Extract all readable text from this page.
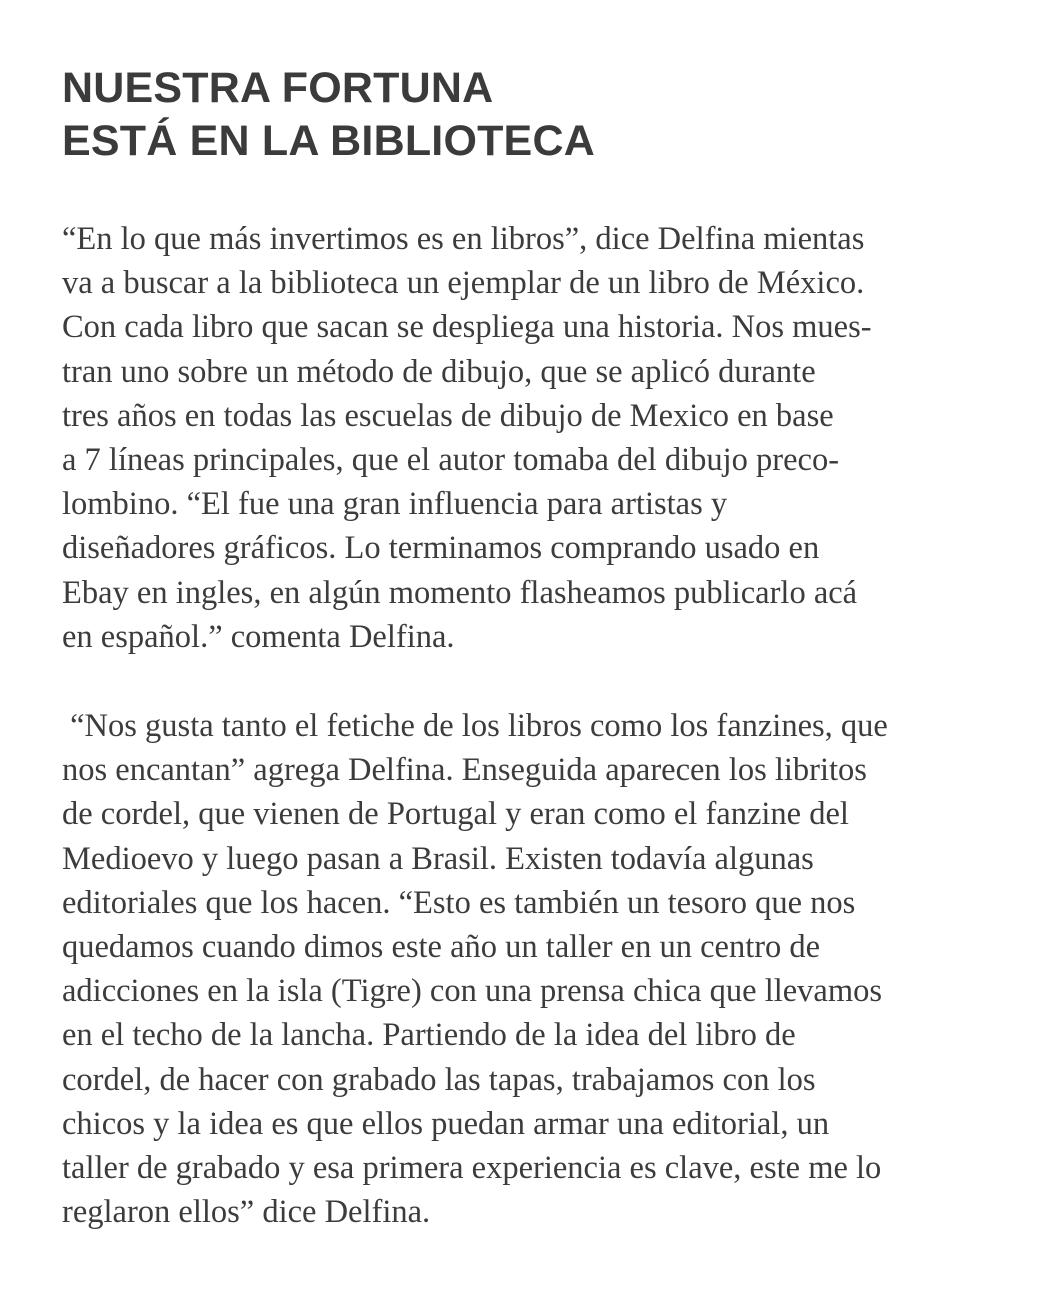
NUESTRA FORTUNA
ESTÁ EN LA BIBLIOTECA

“En lo que más invertimos es en libros”, dice Delfina mientas
va a buscar a la biblioteca un ejemplar de un libro de México.
Con cada libro que sacan se despliega una historia. Nos mues-
tran uno sobre un método de dibujo, que se aplicó durante
tres años en todas las escuelas de dibujo de Mexico en base
a 7 líneas principales, que el autor tomaba del dibujo preco-
lombino. “El fue una gran influencia para artistas y
diseñadores gráficos. Lo terminamos comprando usado en
Ebay en ingles, en algún momento flasheamos publicarlo acá
en español.” comenta Delfina.

“Nos gusta tanto el fetiche de los libros como los fanzines, que
nos encantan” agrega Delfina. Enseguida aparecen los libritos
de cordel, que vienen de Portugal y eran como el fanzine del
Medioevo y luego pasan a Brasil. Existen todavía algunas
editoriales que los hacen. “Esto es también un tesoro que nos
quedamos cuando dimos este año un taller en un centro de
adicciones en la isla (Tigre) con una prensa chica que llevamos
en el techo de la lancha. Partiendo de la idea del libro de
cordel, de hacer con grabado las tapas, trabajamos con los
chicos y la idea es que ellos puedan armar una editorial, un
taller de grabado y esa primera experiencia es clave, este me lo
reglaron ellos” dice Delfina.
